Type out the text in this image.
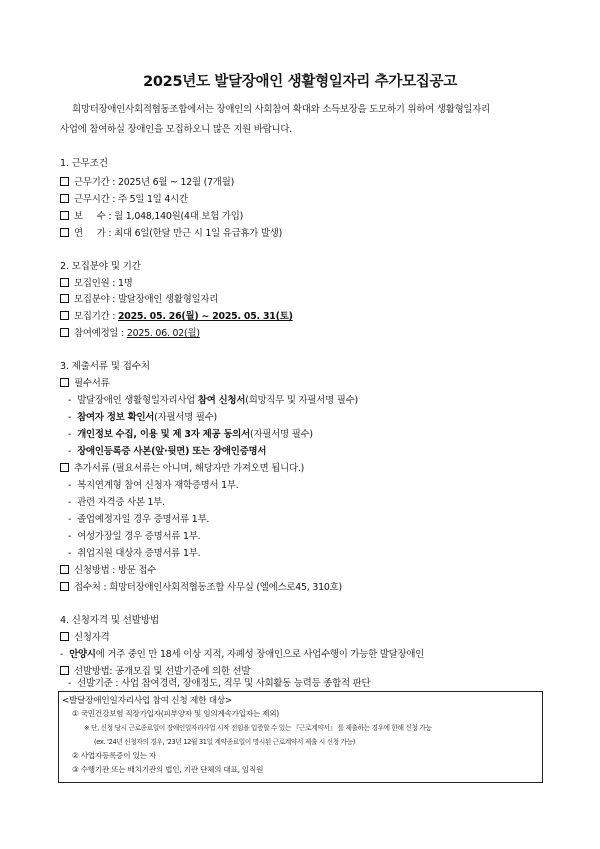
2025년도 발달장애인 생활형일자리 추가모집공고
희망터장애인사회적협동조합에서는 장애인의 사회참여 확대와 소득보장을 도모하기 위하여 생활형일자리
사업에 참여하실 장애인을 모집하오니 많은 지원 바랍니다.
1. 근무조건
근무기간 : 2025년 6월 ~ 12월 (7개월)
근무시간 : 주 5일 1일 4시간
보     수 : 월 1,048,140원(4대 보험 가입)
연     가 : 최대 6일(한달 만근 시 1일 유급휴가 발생)
2. 모집분야 및 기간
모집인원 : 1명
모집분야 : 발달장애인 생활형일자리
모집기간 : 2025. 05. 26(월) ~ 2025. 05. 31(토)
참여예정일 : 2025. 06. 02(월)
3. 제출서류 및 접수처
필수서류
- 발달장애인 생활형일자리사업 참여 신청서(희망직무 및 자필서명 필수)
- 참여자 정보 확인서(자필서명 필수)
- 개인정보 수집, 이용 및 제 3자 제공 동의서(자필서명 필수)
- 장애인등록증 사본(앞·뒷면) 또는 장애인증명서
추가서류 (필요서류는 아니며, 해당자만 가져오면 됩니다.)
- 복지연계형 참여 신청자 재학증명서 1부.
- 관련 자격증 사본 1부.
- 졸업예정자일 경우 증명서류 1부.
- 여성가장일 경우 증명서류 1부.
- 취업지원 대상자 증명서류 1부.
신청방법 : 방문 접수
접수처 : 희망터장애인사회적협동조합 사무실 (엘에스로45, 310호)
4. 신청자격 및 선발방법
신청자격
- 안양시에 거주 중인 만 18세 이상 지적, 자폐성 장애인으로 사업수행이 가능한 발달장애인
선발방법: 공개모집 및 선발기준에 의한 선발
- 선발기준 : 사업 참여경력, 장애정도, 직무 및 사회활동 능력등 종합적 판단
<발달장애인일자리사업 참여 신청 제한 대상>
① 국민건강보험 직장가입자(피부양자 및 임의계속가입자는 제외)
※ 단, 신청 당시 근로종료일이 장애인일자리사업 시작 전임을 입증할 수 있는 『근로계약서』 를 제출하는 경우에 한해 신청 가능
(ex. '24년 신청자의 경우, '23년 12월 31일 계약종료일이 명시된 근로계약서 제출 시 신청 가능)
② 사업자등록증이 있는 자
③ 수행기관 또는 배치기관의 법인, 기관 단체의 대표, 임직원
